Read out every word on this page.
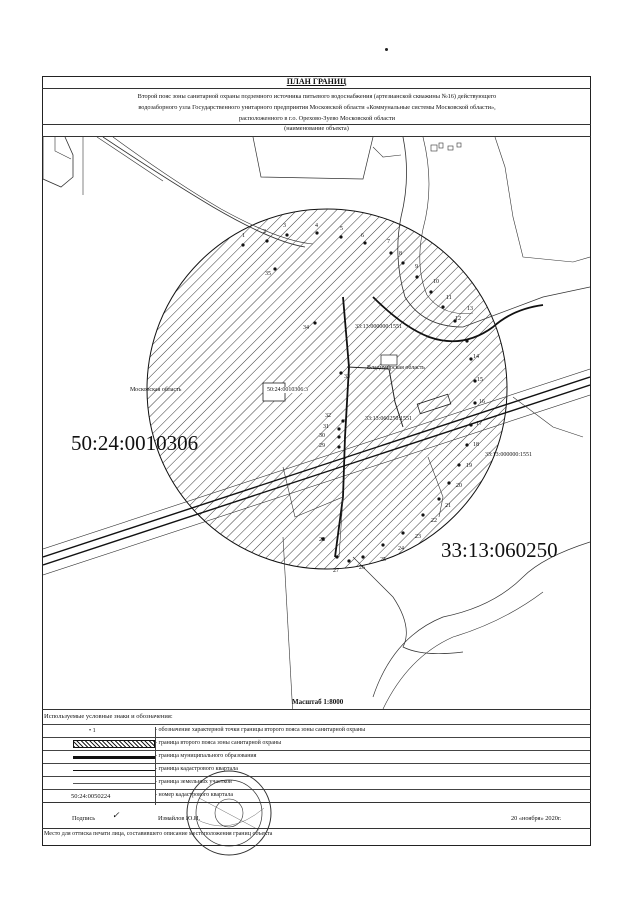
ПЛАН ГРАНИЦ
Второй пояс зоны санитарной охраны подземного источника питьевого водоснабжения (артезианской скважины №16) действующего
водозаборного узла Государственного унитарного предприятия Московской области «Коммунальные системы Московской области»,
расположенного в г.о. Орехово-Зуево Московской области
(наименование объекта)
Московская область
Владимирская область
50:24:0010306:3
33:13:000000:1551
33:13:000000:1551
33:13:060250:1551
50:24:0010306
33:13:060250
1
2
3	4	5
6
7
8
9
10
11
12
13
14
15
16
17
18
19
20
21
22
23
24
25
26
27
28
29
30
31
32
33
34
35
Масштаб 1:8000
Используемые условные знаки и обозначения:
• 1	- обозначение характерной точки границы второго пояса зоны санитарной охраны
- граница второго пояса зоны санитарной охраны
- граница муниципального образования
- граница кадастрового квартала
- граница земельных участков
50:24:0050224	- номер кадастрового квартала
Подпись ✓	Измайлов Ю.Н.	20 «ноября» 2020г.
Место для оттиска печати лица, составившего описание местоположения границ объекта
